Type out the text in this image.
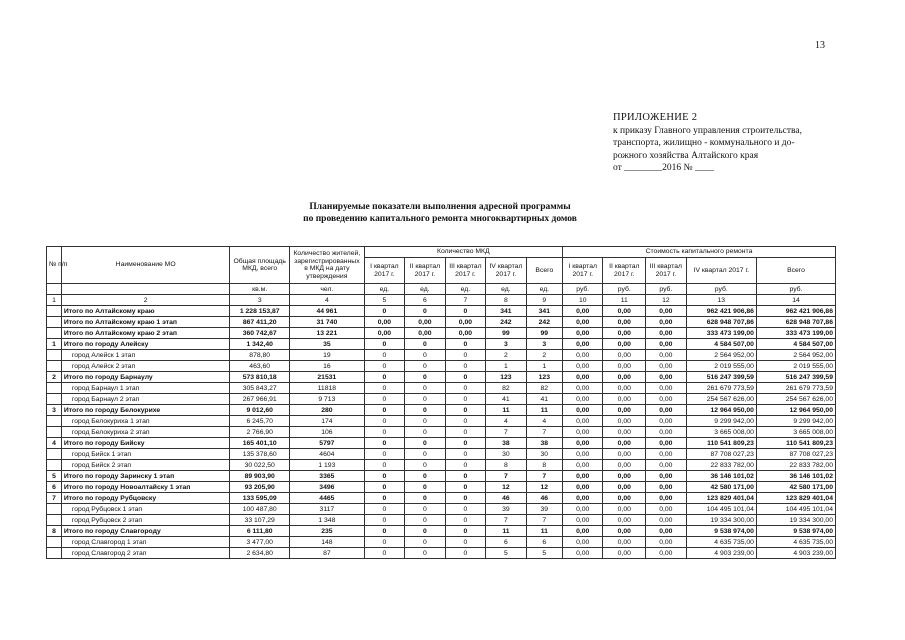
13
ПРИЛОЖЕНИЕ 2
к приказу Главного управления строительства,
транспорта, жилищно - коммунального и до-
рожного хозяйства Алтайского края
от ________2016 № ____
Планируемые показатели выполнения адресной программы
по проведению капитального ремонта многоквартирных домов
№ п/п	Наименование МО	Общая площадь МКД, всего	Количество жителей, зарегистрированных в МКД на дату утверждения	Количество МКД					Стоимость капитального ремонта				
				I квартал 2017 г.	II квартал 2017 г.	III квартал 2017 г.	IV квартал 2017 г.	Всего	I квартал 2017 г.	II квартал 2017 г.	III квартал 2017 г.	IV квартал 2017 г.	Всего
		кв.м.	чел.	ед.	ед.	ед.	ед.	ед.	руб.	руб.	руб.	руб.	руб.
1	2	3	4	5	6	7	8	9	10	11	12	13	14
	Итого по Алтайскому краю	1 228 153,87	44 961	0	0	0	341	341	0,00	0,00	0,00	962 421 906,86	962 421 906,86
	Итого по Алтайскому краю 1 этап	867 411,20	31 740	0,00	0,00	0,00	242	242	0,00	0,00	0,00	628 948 707,86	628 948 707,86
	Итого по Алтайскому краю 2 этап	360 742,67	13 221	0,00	0,00	0,00	99	99	0,00	0,00	0,00	333 473 199,00	333 473 199,00
1	Итого по городу Алейску	1 342,40	35	0	0	0	3	3	0,00	0,00	0,00	4 584 507,00	4 584 507,00
	город Алейск 1 этап	878,80	19	0	0	0	2	2	0,00	0,00	0,00	2 564 952,00	2 564 952,00
	город Алейск 2 этап	463,60	16	0	0	0	1	1	0,00	0,00	0,00	2 019 555,00	2 019 555,00
2	Итого по городу Барнаулу	573 810,18	21531	0	0	0	123	123	0,00	0,00	0,00	516 247 399,59	516 247 399,59
	город Барнаул 1 этап	305 843,27	11818	0	0	0	82	82	0,00	0,00	0,00	261 679 773,59	261 679 773,59
	город Барнаул 2 этап	267 966,91	9 713	0	0	0	41	41	0,00	0,00	0,00	254 567 626,00	254 567 626,00
3	Итого по городу Белокурихе	9 012,60	280	0	0	0	11	11	0,00	0,00	0,00	12 964 950,00	12 964 950,00
	город Белокуриха 1 этап	6 245,70	174	0	0	0	4	4	0,00	0,00	0,00	9 299 942,00	9 299 942,00
	город Белокуриха 2 этап	2 766,90	106	0	0	0	7	7	0,00	0,00	0,00	3 665 008,00	3 665 008,00
4	Итого по городу Бийску	165 401,10	5797	0	0	0	38	38	0,00	0,00	0,00	110 541 809,23	110 541 809,23
	город Бийск 1 этап	135 378,60	4604	0	0	0	30	30	0,00	0,00	0,00	87 708 027,23	87 708 027,23
	город Бийск 2 этап	30 022,50	1 193	0	0	0	8	8	0,00	0,00	0,00	22 833 782,00	22 833 782,00
5	Итого по городу Заринску 1 этап	89 903,90	3365	0	0	0	7	7	0,00	0,00	0,00	36 146 101,02	36 146 101,02
6	Итого по городу Новоалтайску 1 этап	93 205,90	3496	0	0	0	12	12	0,00	0,00	0,00	42 580 171,00	42 580 171,00
7	Итого по городу Рубцовску	133 595,09	4465	0	0	0	46	46	0,00	0,00	0,00	123 829 401,04	123 829 401,04
	город Рубцовск 1 этап	100 487,80	3117	0	0	0	39	39	0,00	0,00	0,00	104 495 101,04	104 495 101,04
	город Рубцовск 2 этап	33 107,29	1 348	0	0	0	7	7	0,00	0,00	0,00	19 334 300,00	19 334 300,00
8	Итого по городу Славгороду	6 111,80	235	0	0	0	11	11	0,00	0,00	0,00	9 538 974,00	9 538 974,00
	город Славгород 1 этап	3 477,00	148	0	0	0	6	6	0,00	0,00	0,00	4 635 735,00	4 635 735,00
	город Славгород 2 этап	2 634,80	87	0	0	0	5	5	0,00	0,00	0,00	4 903 239,00	4 903 239,00
